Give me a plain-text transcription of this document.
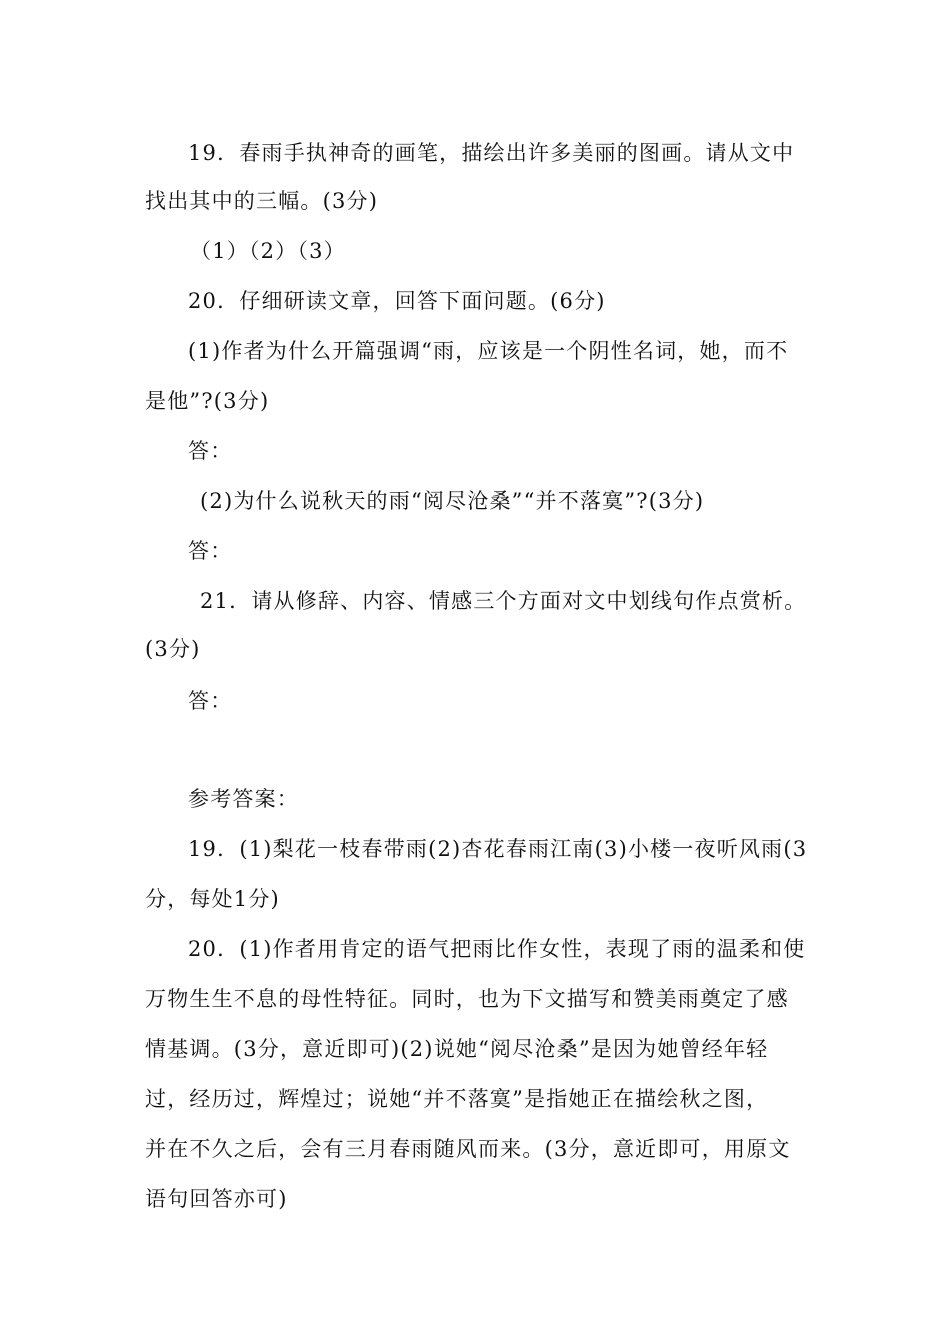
19．春雨手执神奇的画笔，描绘出许多美丽的图画。请从文中
找出其中的三幅。(3分)
（1）（2）（3）
20．仔细研读文章，回答下面问题。(6分)
(1)作者为什么开篇强调“雨，应该是一个阴性名词，她，而不
是他”?(3分)
答：
(2)为什么说秋天的雨“阅尽沧桑”“并不落寞”?(3分)
答：
21．请从修辞、内容、情感三个方面对文中划线句作点赏析。
(3分)
答：
参考答案：
19．(1)梨花一枝春带雨(2)杏花春雨江南(3)小楼一夜听风雨(3
分，每处1分)
20．(1)作者用肯定的语气把雨比作女性，表现了雨的温柔和使
万物生生不息的母性特征。同时，也为下文描写和赞美雨奠定了感
情基调。(3分，意近即可)(2)说她“阅尽沧桑”是因为她曾经年轻
过，经历过，辉煌过；说她“并不落寞”是指她正在描绘秋之图，
并在不久之后，会有三月春雨随风而来。(3分，意近即可，用原文
语句回答亦可)
